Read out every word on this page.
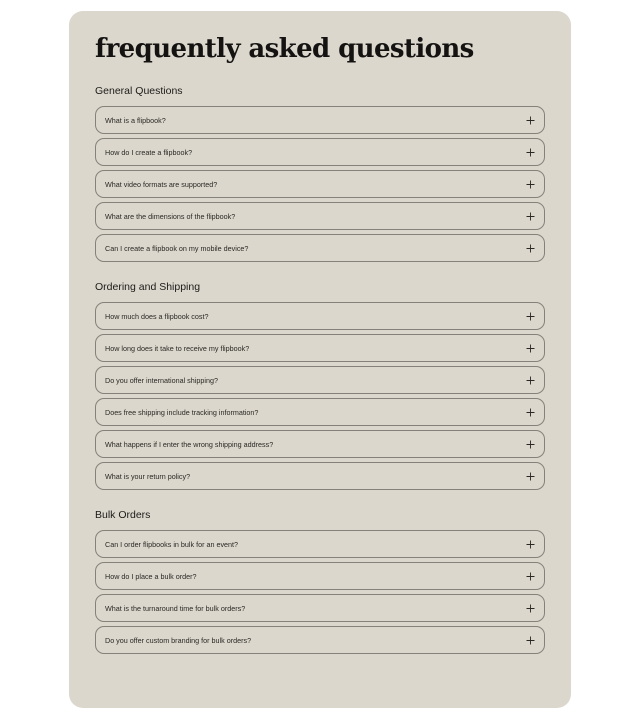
frequently asked questions
General Questions
What is a flipbook?
How do I create a flipbook?
What video formats are supported?
What are the dimensions of the flipbook?
Can I create a flipbook on my mobile device?
Ordering and Shipping
How much does a flipbook cost?
How long does it take to receive my flipbook?
Do you offer international shipping?
Does free shipping include tracking information?
What happens if I enter the wrong shipping address?
What is your return policy?
Bulk Orders
Can I order flipbooks in bulk for an event?
How do I place a bulk order?
What is the turnaround time for bulk orders?
Do you offer custom branding for bulk orders?
